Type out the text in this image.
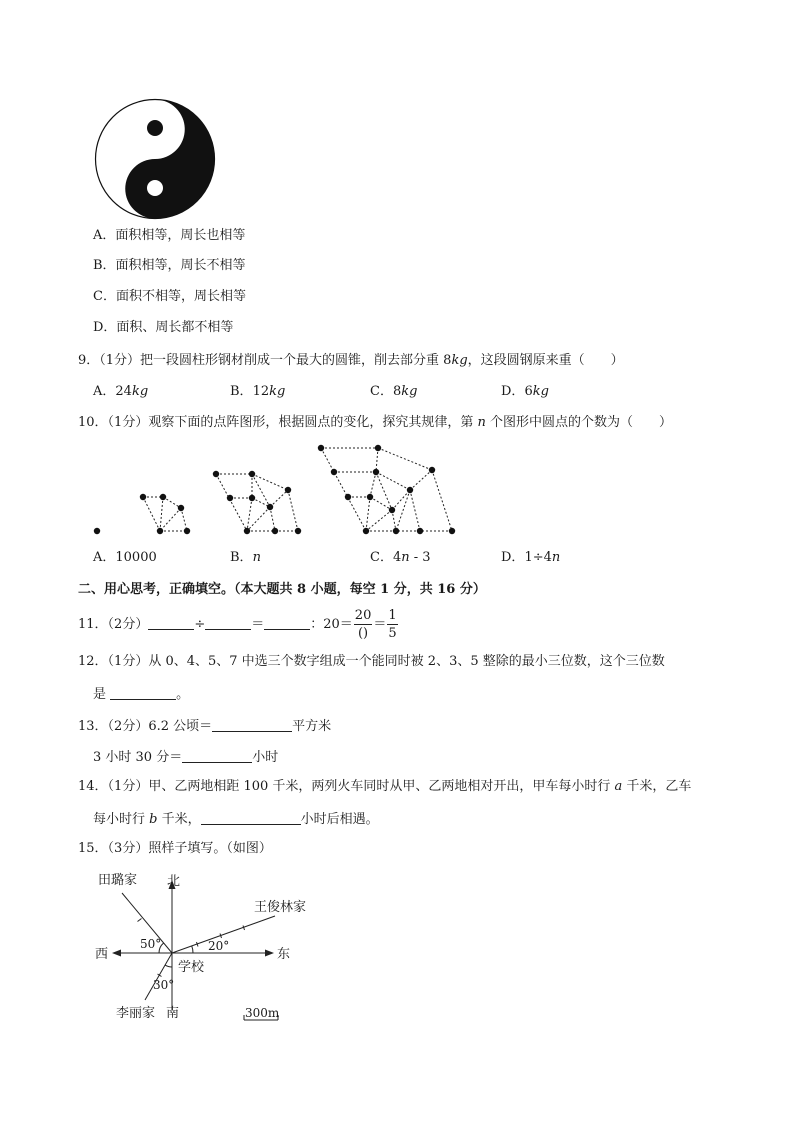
A．面积相等，周长也相等
B．面积相等，周长不相等
C．面积不相等，周长相等
D．面积、周长都不相等
9．（1分）把一段圆柱形钢材削成一个最大的圆锥，削去部分重 8kg，这段圆钢原来重（　　）
A．24kg	B．12kg	C．8kg	D．6kg
10．（1分）观察下面的点阵图形，根据圆点的变化，探究其规律，第 n 个图形中圆点的个数为（　　）
A．10000	B．n	C．4n - 3	D．1÷4n
二、用心思考，正确填空。（本大题共 8 小题，每空 1 分，共 16 分）
11．（2分）	÷	＝	：$20= \frac{20}{()} = \frac{1}{5}$
12．（1分）从 0、4、5、7 中选三个数字组成一个能同时被 2、3、5 整除的最小三位数，这个三位数
是	。
13．（2分）6.2 公顷＝	平方米
3 小时 30 分＝	小时
14．（1分）甲、乙两地相距 100 千米，两列火车同时从甲、乙两地相对开出，甲车每小时行 a 千米，乙车
每小时行 b 千米，	小时后相遇。
15．（3分）照样子填写。（如图）
北
西	东
学校
田璐家
王俊林家
李丽家 南
50°	20°
30°
300m
